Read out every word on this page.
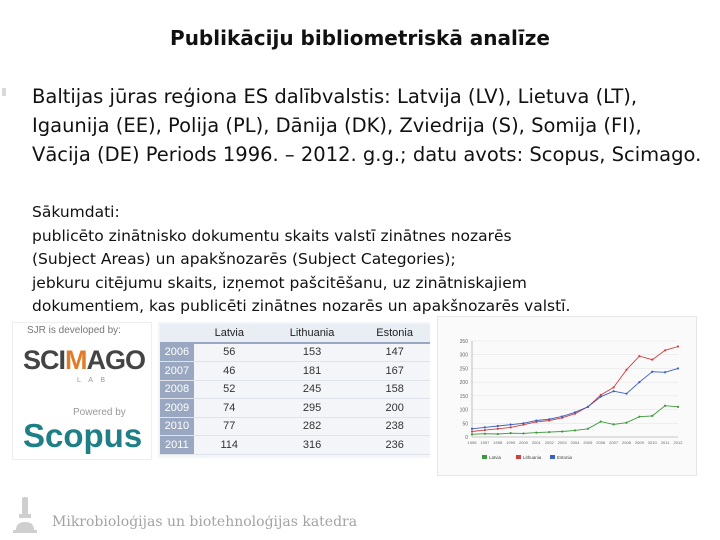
Publikāciju bibliometriskā analīze
Baltijas jūras reģiona ES dalībvalstis: Latvija (LV), Lietuva (LT), Igaunija (EE), Polija (PL), Dānija (DK), Zviedrija (S), Somija (FI), Vācija (DE) Periods 1996. – 2012. g.g.; datu avots: Scopus, Scimago.
Sākumdati:
publicēto zinātnisko dokumentu skaits valstī zinātnes nozarēs
(Subject Areas) un apakšnozarēs (Subject Categories);
jebkuru citējumu skaits, izņemot pašcitēšanu, uz zinātniskajiem
dokumentiem, kas publicēti zinātnes nozarēs un apakšnozarēs valstī.
SJR is developed by:
SCIMAGO
L A B
Powered by
Scopus
	Latvia	Lithuania	Estonia
2006	56	153	147
2007	46	181	167
2008	52	245	158
2009	74	295	200
2010	77	282	238
2011	114	316	236
0
50
100
150
200
250
300
350
1996 1997 1998 1999 2000 2001 2002 2003 2004 2005 2006 2007 2008 2009 2010 2011 2012
Latvia	Lithuania	Estonia
Mikrobioloģijas un biotehnoloģijas katedra
